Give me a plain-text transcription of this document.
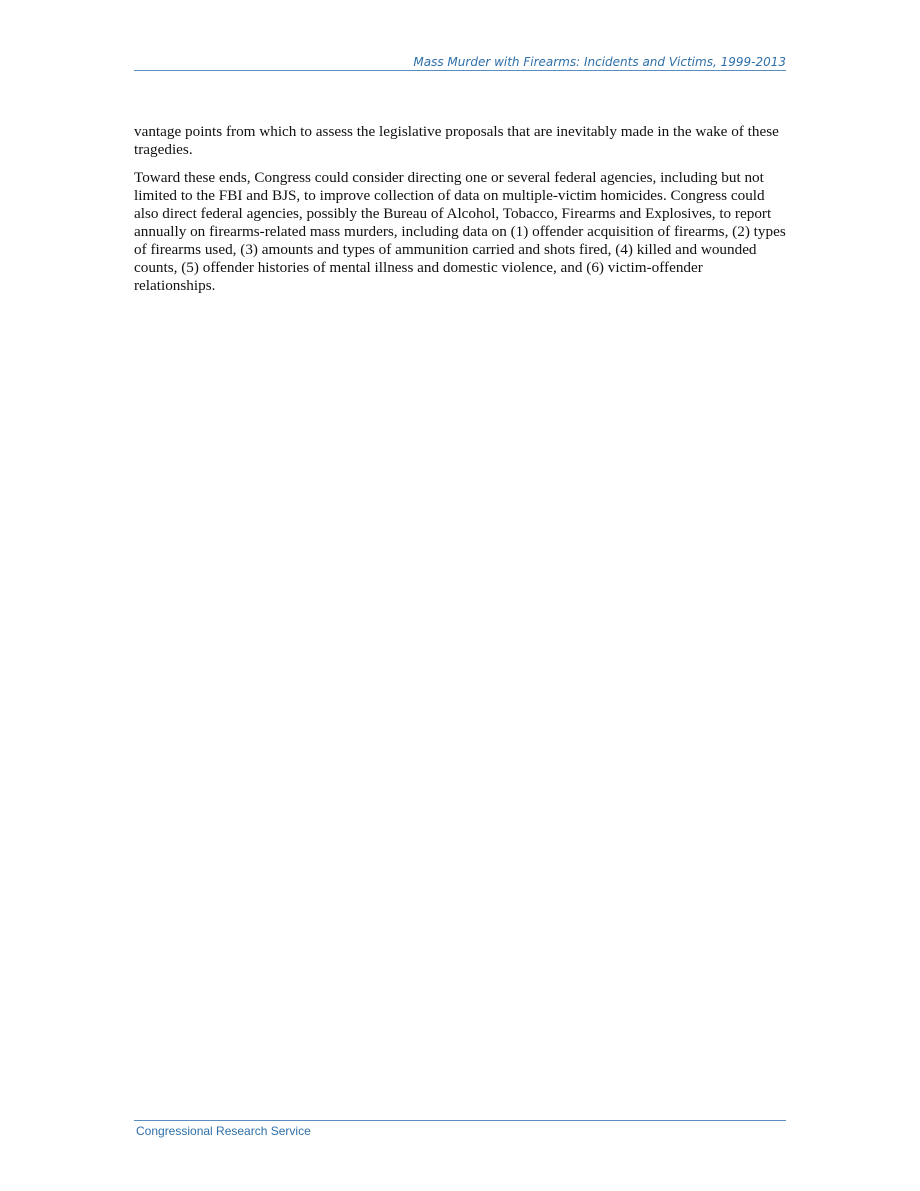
Mass Murder with Firearms: Incidents and Victims, 1999-2013

vantage points from which to assess the legislative proposals that are inevitably made in the wake of these tragedies.

Toward these ends, Congress could consider directing one or several federal agencies, including but not limited to the FBI and BJS, to improve collection of data on multiple-victim homicides. Congress could also direct federal agencies, possibly the Bureau of Alcohol, Tobacco, Firearms and Explosives, to report annually on firearms-related mass murders, including data on (1) offender acquisition of firearms, (2) types of firearms used, (3) amounts and types of ammunition carried and shots fired, (4) killed and wounded counts, (5) offender histories of mental illness and domestic violence, and (6) victim-offender relationships.

Congressional Research Service
